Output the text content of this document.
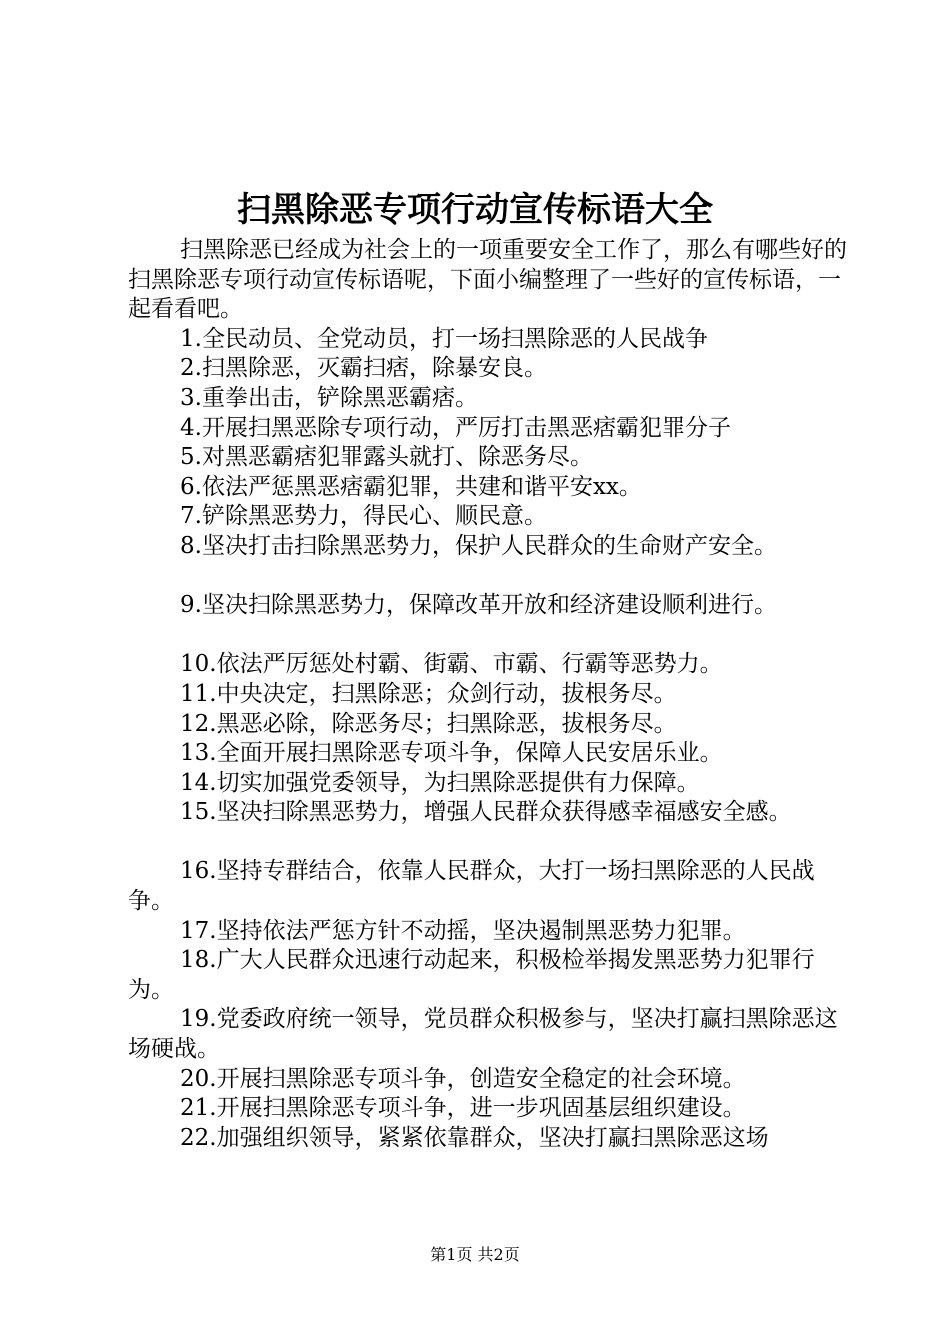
扫黑除恶专项行动宣传标语大全

扫黑除恶已经成为社会上的一项重要安全工作了，那么有哪些好的扫黑除恶专项行动宣传标语呢，下面小编整理了一些好的宣传标语，一起看看吧。

1.全民动员、全党动员，打一场扫黑除恶的人民战争

2.扫黑除恶，灭霸扫痞，除暴安良。

3.重拳出击，铲除黑恶霸痞。

4.开展扫黑恶除专项行动，严厉打击黑恶痞霸犯罪分子

5.对黑恶霸痞犯罪露头就打、除恶务尽。

6.依法严惩黑恶痞霸犯罪，共建和谐平安xx。

7.铲除黑恶势力，得民心、顺民意。

8.坚决打击扫除黑恶势力，保护人民群众的生命财产安全。

9.坚决扫除黑恶势力，保障改革开放和经济建设顺利进行。

10.依法严厉惩处村霸、街霸、市霸、行霸等恶势力。

11.中央决定，扫黑除恶；众剑行动，拔根务尽。

12.黑恶必除，除恶务尽；扫黑除恶，拔根务尽。

13.全面开展扫黑除恶专项斗争，保障人民安居乐业。

14.切实加强党委领导，为扫黑除恶提供有力保障。

15.坚决扫除黑恶势力，增强人民群众获得感幸福感安全感。

16.坚持专群结合，依靠人民群众，大打一场扫黑除恶的人民战争。

17.坚持依法严惩方针不动摇，坚决遏制黑恶势力犯罪。

18.广大人民群众迅速行动起来，积极检举揭发黑恶势力犯罪行为。

19.党委政府统一领导，党员群众积极参与，坚决打赢扫黑除恶这场硬战。

20.开展扫黑除恶专项斗争，创造安全稳定的社会环境。

21.开展扫黑除恶专项斗争，进一步巩固基层组织建设。

22.加强组织领导，紧紧依靠群众，坚决打赢扫黑除恶这场

第1页 共2页
